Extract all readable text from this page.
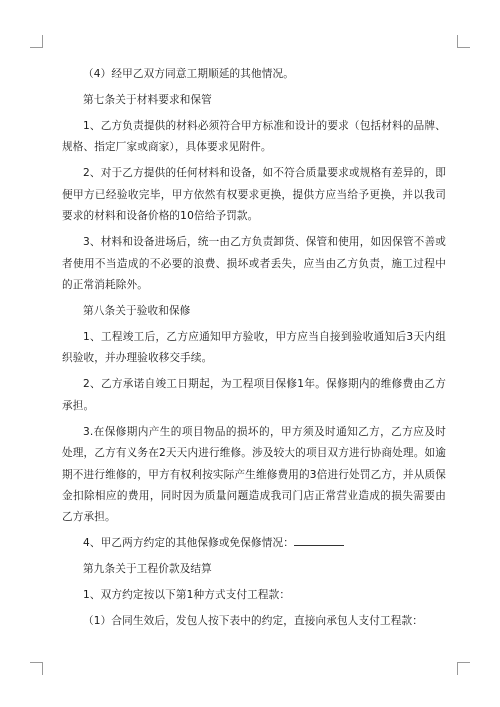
（4）经甲乙双方同意工期顺延的其他情况。

第七条关于材料要求和保管

1、乙方负责提供的材料必须符合甲方标准和设计的要求（包括材料的品牌、规格、指定厂家或商家），具体要求见附件。

2、对于乙方提供的任何材料和设备，如不符合质量要求或规格有差异的，即便甲方已经验收完毕，甲方依然有权要求更换，提供方应当给予更换，并以我司要求的材料和设备价格的10倍给予罚款。

3、材料和设备进场后，统一由乙方负责卸货、保管和使用，如因保管不善或者使用不当造成的不必要的浪费、损坏或者丢失，应当由乙方负责，施工过程中的正常消耗除外。

第八条关于验收和保修

1、工程竣工后，乙方应通知甲方验收，甲方应当自接到验收通知后3天内组织验收，并办理验收移交手续。

2、乙方承诺自竣工日期起，为工程项目保修1年。保修期内的维修费由乙方承担。

3.在保修期内产生的项目物品的损坏的，甲方须及时通知乙方，乙方应及时处理，乙方有义务在2天天内进行维修。涉及较大的项目双方进行协商处理。如逾期不进行维修的，甲方有权利按实际产生维修费用的3倍进行处罚乙方，并从质保金扣除相应的费用，同时因为质量问题造成我司门店正常营业造成的损失需要由乙方承担。

4、甲乙两方约定的其他保修或免保修情况：

第九条关于工程价款及结算

1、双方约定按以下第1种方式支付工程款：

（1）合同生效后，发包人按下表中的约定，直接向承包人支付工程款：
